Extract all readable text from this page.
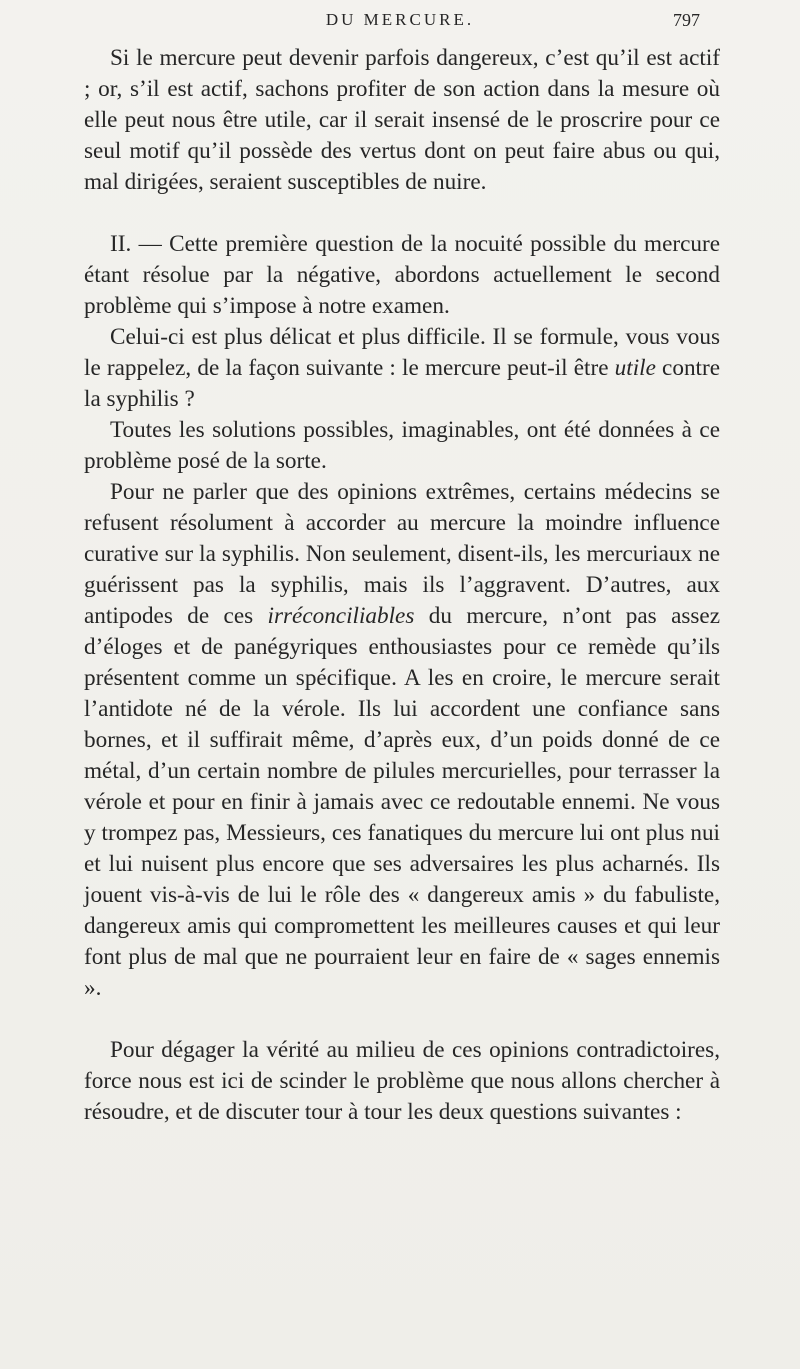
DU MERCURE.	797

Si le mercure peut devenir parfois dangereux, c’est qu’il est actif ; or, s’il est actif, sachons profiter de son action dans la mesure où elle peut nous être utile, car il serait insensé de le proscrire pour ce seul motif qu’il possède des vertus dont on peut faire abus ou qui, mal dirigées, seraient susceptibles de nuire.

II. — Cette première question de la nocuité possible du mercure étant résolue par la négative, abordons actuellement le second problème qui s’impose à notre examen.

Celui-ci est plus délicat et plus difficile. Il se formule, vous vous le rappelez, de la façon suivante : le mercure peut-il être utile contre la syphilis ?

Toutes les solutions possibles, imaginables, ont été données à ce problème posé de la sorte.

Pour ne parler que des opinions extrêmes, certains médecins se refusent résolument à accorder au mercure la moindre influence curative sur la syphilis. Non seulement, disent-ils, les mercuriaux ne guérissent pas la syphilis, mais ils l’aggravent. D’autres, aux antipodes de ces irréconciliables du mercure, n’ont pas assez d’éloges et de panégyriques enthousiastes pour ce remède qu’ils présentent comme un spécifique. A les en croire, le mercure serait l’antidote né de la vérole. Ils lui accordent une confiance sans bornes, et il suffirait même, d’après eux, d’un poids donné de ce métal, d’un certain nombre de pilules mercurielles, pour terrasser la vérole et pour en finir à jamais avec ce redoutable ennemi. Ne vous y trompez pas, Messieurs, ces fanatiques du mercure lui ont plus nui et lui nuisent plus encore que ses adversaires les plus acharnés. Ils jouent vis-à-vis de lui le rôle des « dangereux amis » du fabuliste, dangereux amis qui compromettent les meilleures causes et qui leur font plus de mal que ne pourraient leur en faire de « sages ennemis ».

Pour dégager la vérité au milieu de ces opinions contradictoires, force nous est ici de scinder le problème que nous allons chercher à résoudre, et de discuter tour à tour les deux questions suivantes :
